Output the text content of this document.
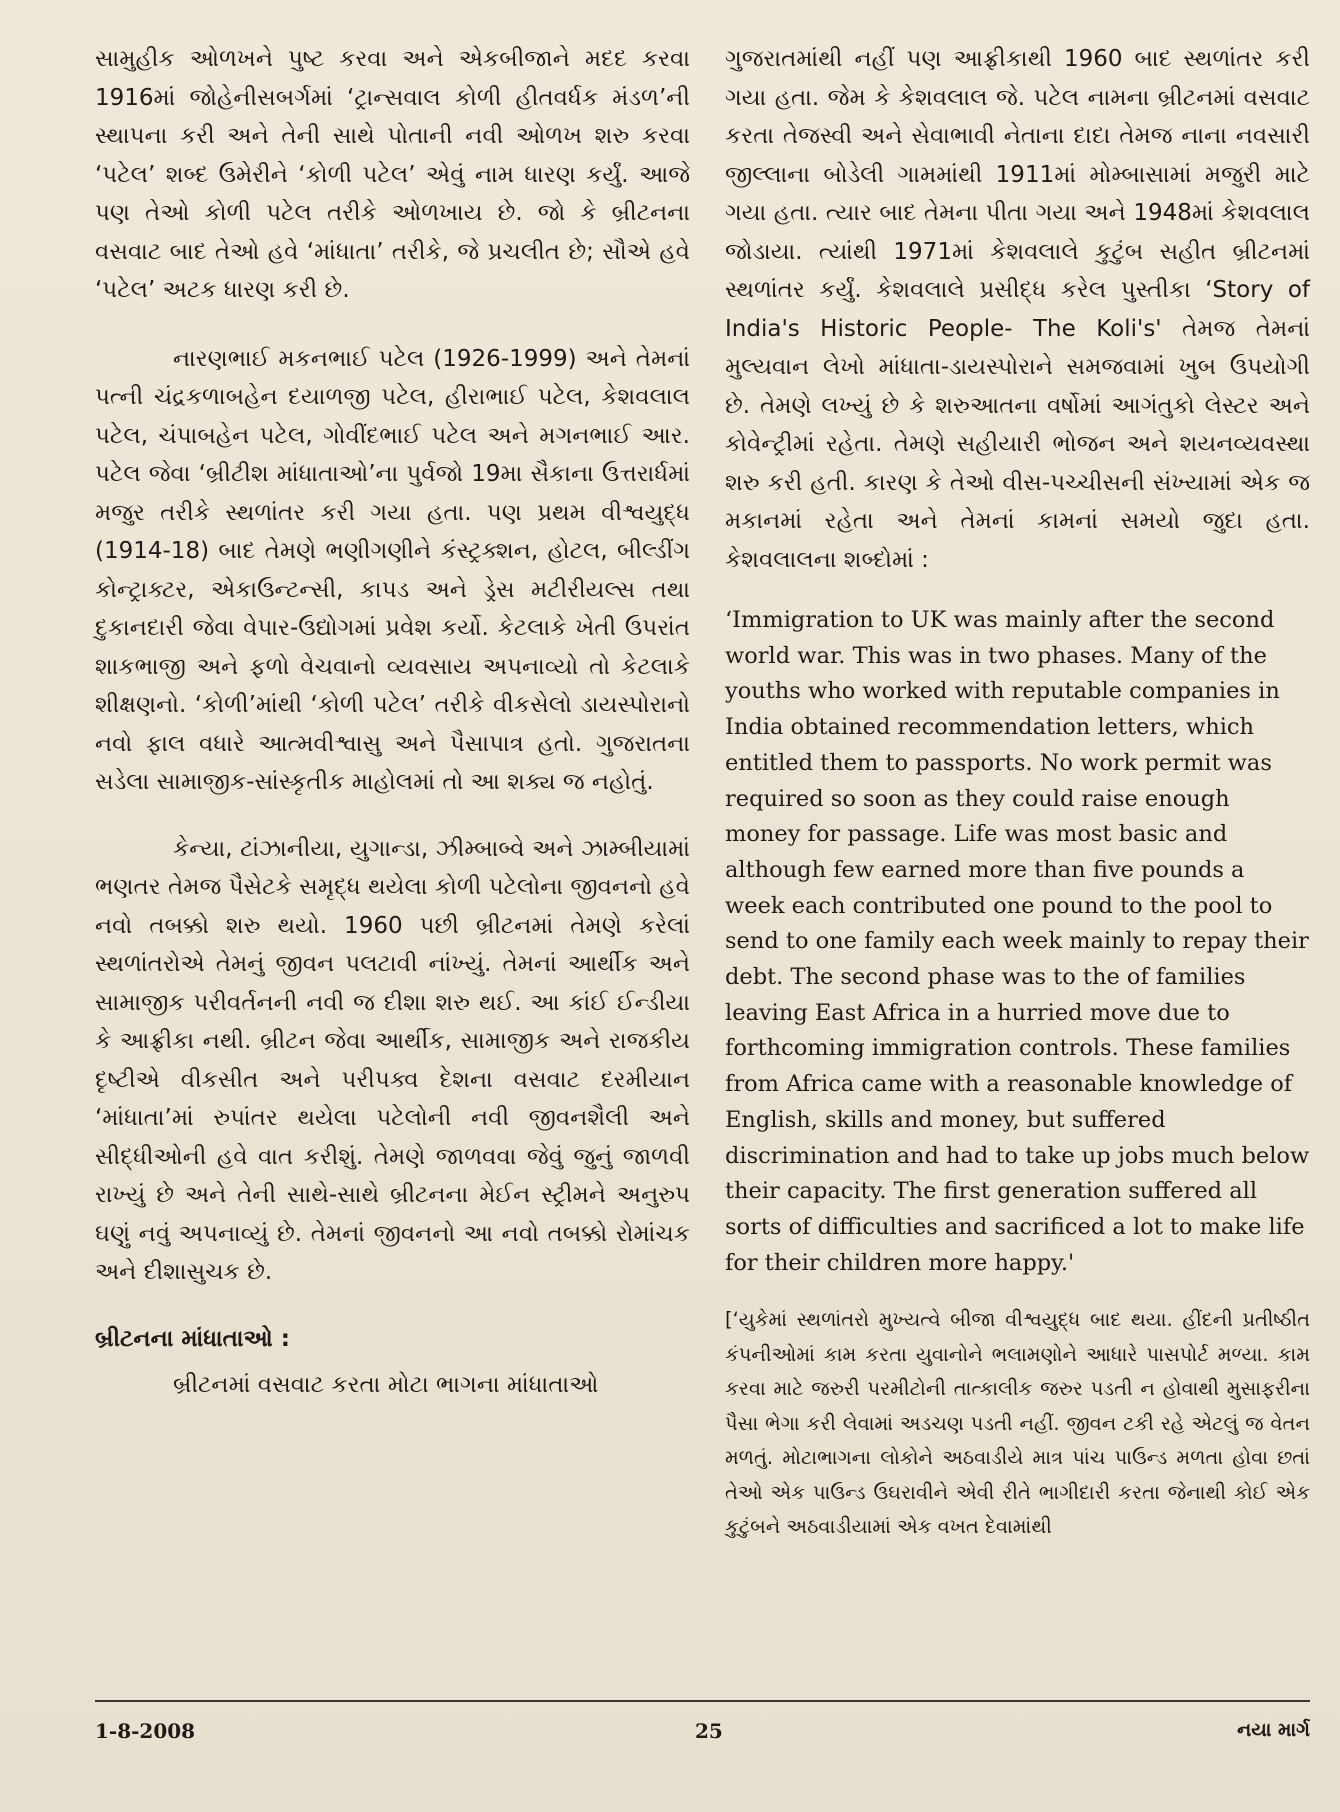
સામુહીક ઓળખને પુષ્ટ કરવા અને એકબીજાને મદદ કરવા 1916માં જોહેનીસબર્ગમાં ‘ટ્રાન્સવાલ કોળી હીતવર્ધક મંડળ’ની સ્થાપના કરી અને તેની સાથે પોતાની નવી ઓળખ શરુ કરવા ‘પટેલ’ શબ્દ ઉમેરીને ‘કોળી પટેલ’ એવું નામ ધારણ કર્યું. આજે પણ તેઓ કોળી પટેલ તરીકે ઓળખાય છે. જો કે બ્રીટનના વસવાટ બાદ તેઓ હવે ‘માંધાતા’ તરીકે, જે પ્રચલીત છે; સૌએ હવે ‘પટેલ’ અટક ધારણ કરી છે.

નારણભાઈ મકનભાઈ પટેલ (1926-1999) અને તેમનાં પત્ની ચંદ્રકળાબહેન દયાળજી પટેલ, હીરાભાઈ પટેલ, કેશવલાલ પટેલ, ચંપાબહેન પટેલ, ગોવીંદભાઈ પટેલ અને મગનભાઈ આર. પટેલ જેવા ‘બ્રીટીશ માંધાતાઓ’ના પુર્વજો 19મા સૈકાના ઉત્તરાર્ધમાં મજુર તરીકે સ્થળાંતર કરી ગયા હતા. પણ પ્રથમ વીશ્વયુદ્ધ (1914-18) બાદ તેમણે ભણીગણીને કંસ્ટ્રક્શન, હોટલ, બીલ્ડીંગ કોન્ટ્રાક્ટર, એકાઉન્ટન્સી, કાપડ અને ડ્રેસ મટીરીયલ્સ તથા દુકાનદારી જેવા વેપાર-ઉદ્યોગમાં પ્રવેશ કર્યો. કેટલાકે ખેતી ઉપરાંત શાકભાજી અને ફળો વેચવાનો વ્યવસાય અપનાવ્યો તો કેટલાકે શીક્ષણનો. ‘કોળી’માંથી ‘કોળી પટેલ’ તરીકે વીકસેલો ડાયસ્પોરાનો નવો ફાલ વધારે આત્મવીશ્વાસુ અને પૈસાપાત્ર હતો. ગુજરાતના સડેલા સામાજીક-સાંસ્કૃતીક માહોલમાં તો આ શક્ય જ નહોતું.

કેન્યા, ટાંઝાનીયા, યુગાન્ડા, ઝીમ્બાબ્વે અને ઝામ્બીયામાં ભણતર તેમજ પૈસેટકે સમૃદ્ધ થયેલા કોળી પટેલોના જીવનનો હવે નવો તબક્કો શરુ થયો. 1960 પછી બ્રીટનમાં તેમણે કરેલાં સ્થળાંતરોએ તેમનું જીવન પલટાવી નાંખ્યું. તેમનાં આર્થીક અને સામાજીક પરીવર્તનની નવી જ દીશા શરુ થઈ. આ કાંઈ ઈન્ડીયા કે આફ્રીકા નથી. બ્રીટન જેવા આર્થીક, સામાજીક અને રાજકીય દૃષ્ટીએ વીકસીત અને પરીપક્વ દેશના વસવાટ દરમીયાન ‘માંધાતા’માં રુપાંતર થયેલા પટેલોની નવી જીવનશૈલી અને સીદ્ધીઓની હવે વાત કરીશું. તેમણે જાળવવા જેવું જુનું જાળવી રાખ્યું છે અને તેની સાથે-સાથે બ્રીટનના મેઈન સ્ટ્રીમને અનુરુપ ઘણું નવું અપનાવ્યું છે. તેમનાં જીવનનો આ નવો તબક્કો રોમાંચક અને દીશાસુચક છે.

બ્રીટનના માંધાતાઓ :

બ્રીટનમાં વસવાટ કરતા મોટા ભાગના માંધાતાઓ

ગુજરાતમાંથી નહીં પણ આફ્રીકાથી 1960 બાદ સ્થળાંતર કરી ગયા હતા. જેમ કે કેશવલાલ જે. પટેલ નામના બ્રીટનમાં વસવાટ કરતા તેજસ્વી અને સેવાભાવી નેતાના દાદા તેમજ નાના નવસારી જીલ્લાના બોડેલી ગામમાંથી 1911માં મોમ્બાસામાં મજુરી માટે ગયા હતા. ત્યાર બાદ તેમના પીતા ગયા અને 1948માં કેશવલાલ જોડાયા. ત્યાંથી 1971માં કેશવલાલે કુટુંબ સહીત બ્રીટનમાં સ્થળાંતર કર્યું. કેશવલાલે પ્રસીદ્ધ કરેલ પુસ્તીકા ‘Story of India's Historic People- The Koli's' તેમજ તેમનાં મુલ્યવાન લેખો માંધાતા-ડાયસ્પોરાને સમજવામાં ખુબ ઉપયોગી છે. તેમણે લખ્યું છે કે શરુઆતના વર્ષોમાં આગંતુકો લેસ્ટર અને કોવેન્ટ્રીમાં રહેતા. તેમણે સહીયારી ભોજન અને શયનવ્યવસ્થા શરુ કરી હતી. કારણ કે તેઓ વીસ-પચ્ચીસની સંખ્યામાં એક જ મકાનમાં રહેતા અને તેમનાં કામનાં સમયો જુદા હતા. કેશવલાલના શબ્દોમાં :

‘Immigration to UK was mainly after the second world war. This was in two phases. Many of the youths who worked with reputable companies in India obtained recommendation letters, which entitled them to passports. No work permit was required so soon as they could raise enough money for passage. Life was most basic and although few earned more than five pounds a week each contributed one pound to the pool to send to one family each week mainly to repay their debt. The second phase was to the of families leaving East Africa in a hurried move due to forthcoming immigration controls. These families from Africa came with a reasonable knowledge of English, skills and money, but suffered discrimination and had to take up jobs much below their capacity. The first generation suffered all sorts of difficulties and sacrificed a lot to make life for their children more happy.'

[‘યુકેમાં સ્થળાંતરો મુખ્યત્વે બીજા વીશ્વયુદ્ધ બાદ થયા. હીંદની પ્રતીષ્ઠીત કંપનીઓમાં કામ કરતા યુવાનોને ભલામણોને આધારે પાસપોર્ટ મળ્યા. કામ કરવા માટે જરુરી પરમીટોની તાત્કાલીક જરુર પડતી ન હોવાથી મુસાફરીના પૈસા ભેગા કરી લેવામાં અડચણ પડતી નહીં. જીવન ટકી રહે એટલું જ વેતન મળતું. મોટાભાગના લોકોને અઠવાડીયે માત્ર પાંચ પાઉન્ડ મળતા હોવા છતાં તેઓ એક પાઉન્ડ ઉઘરાવીને એવી રીતે ભાગીદારી કરતા જેનાથી કોઈ એક કુટુંબને અઠવાડીયામાં એક વખત દેવામાંથી

1-8-2008	25	નયા માર્ગ
